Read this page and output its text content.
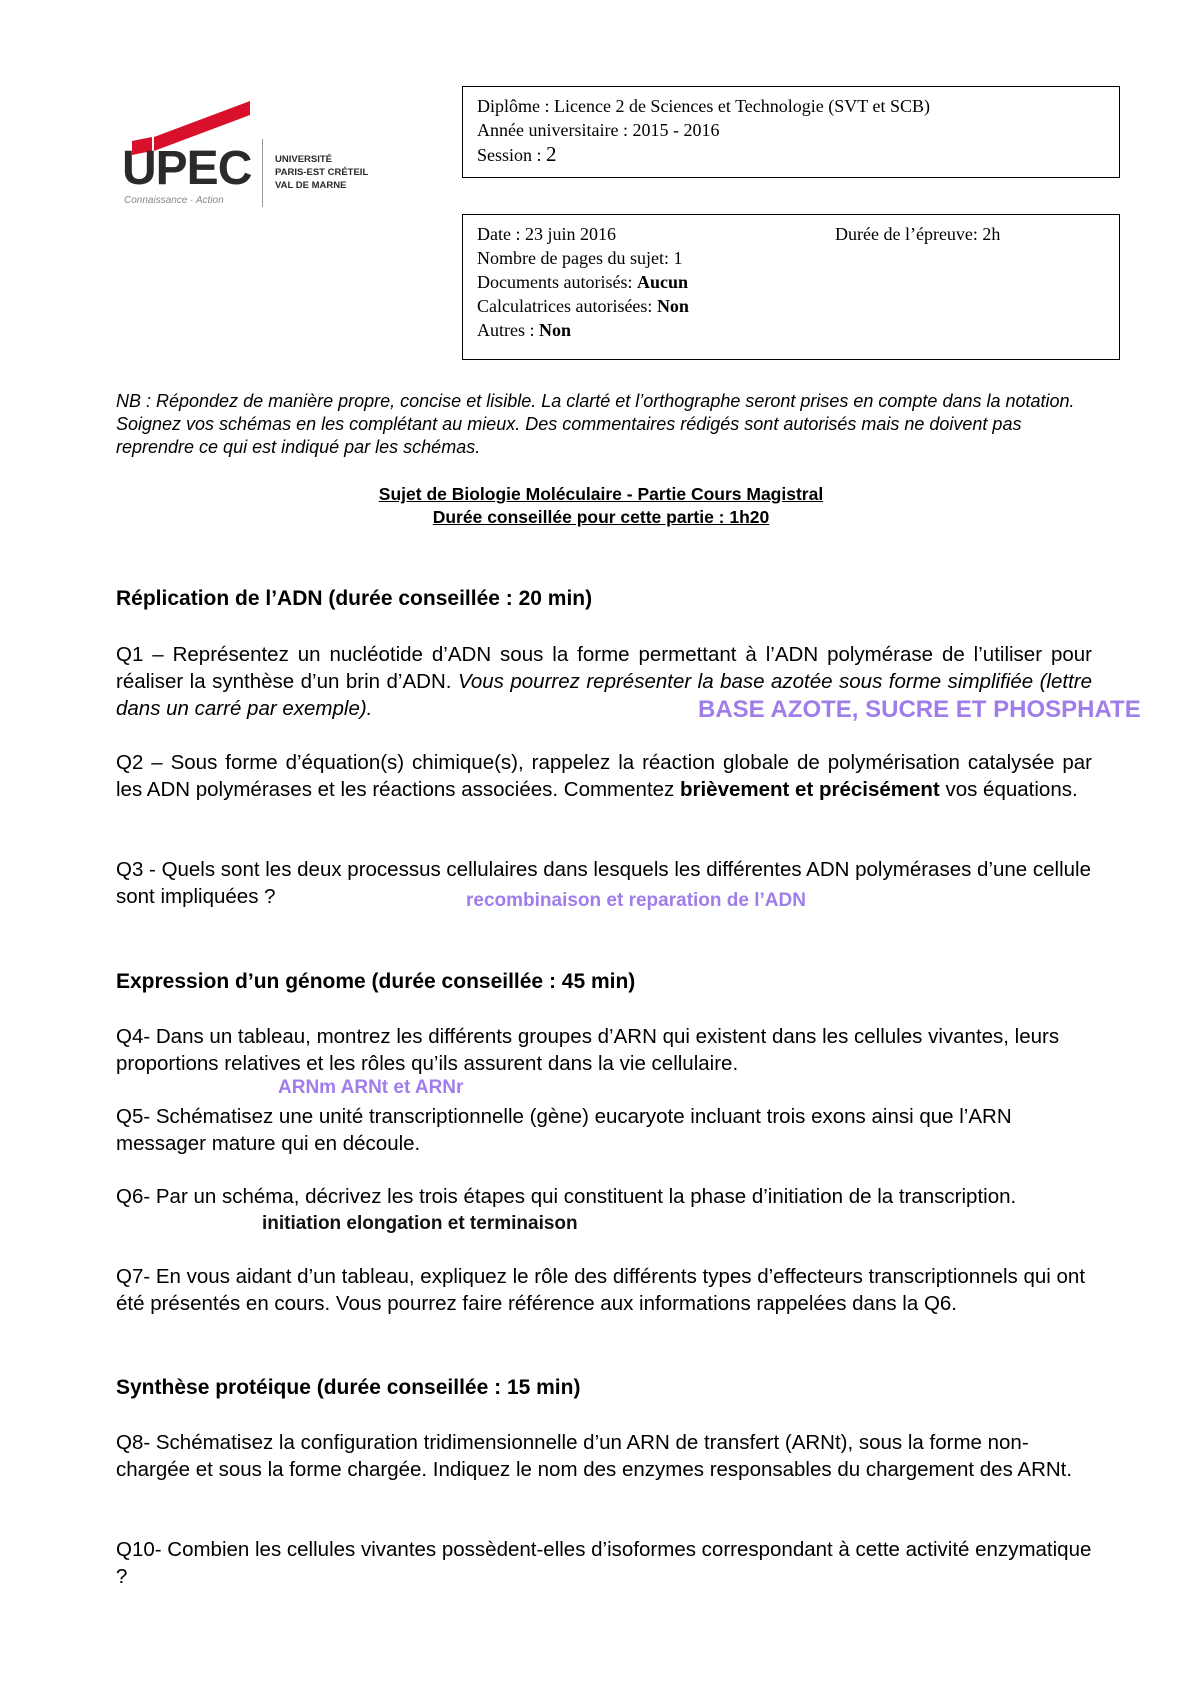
UPEC
Connaissance · Action
UNIVERSITÉ
PARIS-EST CRÉTEIL
VAL DE MARNE
Diplôme : Licence 2 de Sciences et Technologie (SVT et SCB)
Année universitaire : 2015 - 2016
Session : 2
Date : 23 juin 2016	Durée de l’épreuve: 2h
Nombre de pages du sujet: 1
Documents autorisés: Aucun
Calculatrices autorisées: Non
Autres : Non
NB : Répondez de manière propre, concise et lisible. La clarté et l’orthographe seront prises en compte dans la notation. Soignez vos schémas en les complétant au mieux. Des commentaires rédigés sont autorisés mais ne doivent pas reprendre ce qui est indiqué par les schémas.
Sujet de Biologie Moléculaire - Partie Cours Magistral
Durée conseillée pour cette partie : 1h20
Réplication de l’ADN (durée conseillée : 20 min)
Q1 – Représentez un nucléotide d’ADN sous la forme permettant à l’ADN polymérase de l’utiliser pour réaliser la synthèse d’un brin d’ADN. Vous pourrez représenter la base azotée sous forme simplifiée (lettre dans un carré par exemple).	BASE AZOTE, SUCRE ET PHOSPHATE
Q2 – Sous forme d’équation(s) chimique(s), rappelez la réaction globale de polymérisation catalysée par les ADN polymérases et les réactions associées. Commentez brièvement et précisément vos équations.
Q3 - Quels sont les deux processus cellulaires dans lesquels les différentes ADN polymérases d’une cellule sont impliquées ?	recombinaison et reparation de l’ADN
Expression d’un génome (durée conseillée : 45 min)
Q4- Dans un tableau, montrez les différents groupes d’ARN qui existent dans les cellules vivantes, leurs proportions relatives et les rôles qu’ils assurent dans la vie cellulaire.
ARNm ARNt et ARNr
Q5- Schématisez une unité transcriptionnelle (gène) eucaryote incluant trois exons ainsi que l’ARN messager mature qui en découle.
Q6- Par un schéma, décrivez les trois étapes qui constituent la phase d’initiation de la transcription.
initiation elongation et terminaison
Q7- En vous aidant d’un tableau, expliquez le rôle des différents types d’effecteurs transcriptionnels qui ont été présentés en cours. Vous pourrez faire référence aux informations rappelées dans la Q6.
Synthèse protéique (durée conseillée : 15 min)
Q8- Schématisez la configuration tridimensionnelle d’un ARN de transfert (ARNt), sous la forme non-chargée et sous la forme chargée. Indiquez le nom des enzymes responsables du chargement des ARNt.
Q10- Combien les cellules vivantes possèdent-elles d’isoformes correspondant à cette activité enzymatique ?
